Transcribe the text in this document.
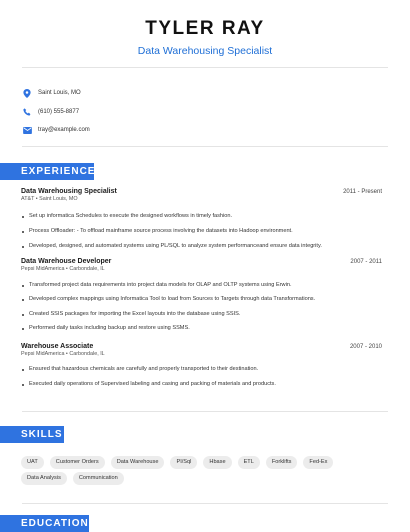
TYLER RAY
Data Warehousing Specialist
Saint Louis, MO
(610) 555-8877
tray@example.com
EXPERIENCE
Data Warehousing Specialist	2011 - Present
AT&T • Saint Louis, MO
Set up informatica Schedules to execute the designed workflows in timely fashion.
Process Offloader: - To offload mainframe source process involving the datasets into Hadoop environment.
Developed, designed, and automated systems using PL/SQL to analyze system performanceand ensure data integrity.
Data Warehouse Developer	2007 - 2011
Pepsi MidAmerica • Carbondale, IL
Transformed project data requirements into project data models for OLAP and OLTP systems using Erwin.
Developed complex mappings using Informatica Tool to load from Sources to Targets through data Transformations.
Created SSIS packages for importing the Excel layouts into the database using SSIS.
Performed daily tasks including backup and restore using SSMS.
Warehouse Associate	2007 - 2010
Pepsi MidAmerica • Carbondale, IL
Ensured that hazardous chemicals are carefully and properly transported to their destination.
Executed daily operations of Supervised labeling and casing and packing of materials and products.
SKILLS
UAT	Customer Orders	Data Warehouse	PI/Sql	Hbase	ETL	Forklifts	Fed-Ex
Data Analysis	Communication
EDUCATION
